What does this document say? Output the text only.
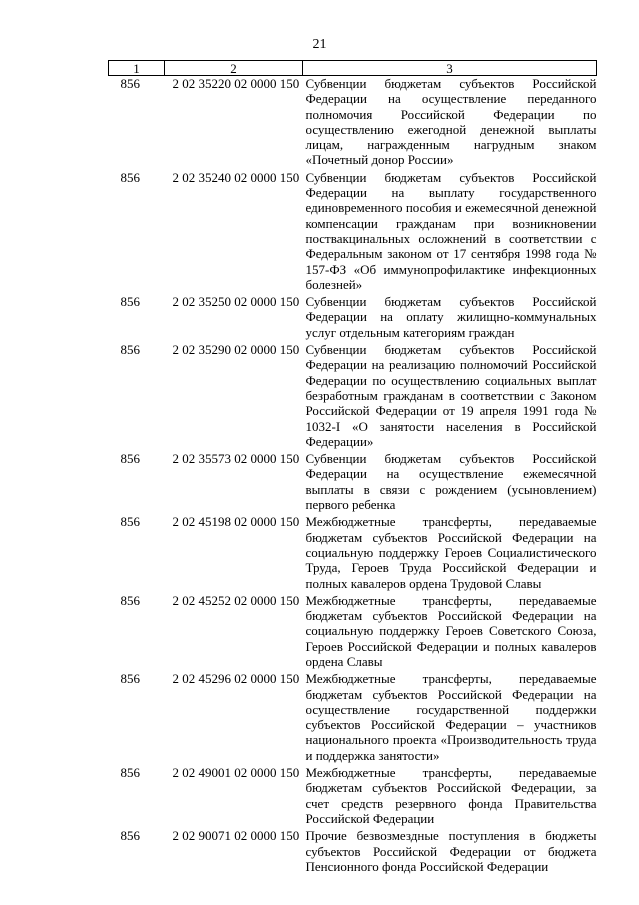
21
1	2	3
856	2 02 35220 02 0000 150	Субвенции бюджетам субъектов Российской Федерации на осуществление переданного полномочия Российской Федерации по осуществлению ежегодной денежной выплаты лицам, награжденным нагрудным знаком «Почетный донор России»
856	2 02 35240 02 0000 150	Субвенции бюджетам субъектов Российской Федерации на выплату государственного единовременного пособия и ежемесячной денежной компенсации гражданам при возникновении поствакцинальных осложнений в соответствии с Федеральным законом от 17 сентября 1998 года № 157-ФЗ «Об иммунопрофилактике инфекционных болезней»
856	2 02 35250 02 0000 150	Субвенции бюджетам субъектов Российской Федерации на оплату жилищно-коммунальных услуг отдельным категориям граждан
856	2 02 35290 02 0000 150	Субвенции бюджетам субъектов Российской Федерации на реализацию полномочий Российской Федерации по осуществлению социальных выплат безработным гражданам в соответствии с Законом Российской Федерации от 19 апреля 1991 года № 1032-I «О занятости населения в Российской Федерации»
856	2 02 35573 02 0000 150	Субвенции бюджетам субъектов Российской Федерации на осуществление ежемесячной выплаты в связи с рождением (усыновлением) первого ребенка
856	2 02 45198 02 0000 150	Межбюджетные трансферты, передаваемые бюджетам субъектов Российской Федерации на социальную поддержку Героев Социалистического Труда, Героев Труда Российской Федерации и полных кавалеров ордена Трудовой Славы
856	2 02 45252 02 0000 150	Межбюджетные трансферты, передаваемые бюджетам субъектов Российской Федерации на социальную поддержку Героев Советского Союза, Героев Российской Федерации и полных кавалеров ордена Славы
856	2 02 45296 02 0000 150	Межбюджетные трансферты, передаваемые бюджетам субъектов Российской Федерации на осуществление государственной поддержки субъектов Российской Федерации – участников национального проекта «Производительность труда и поддержка занятости»
856	2 02 49001 02 0000 150	Межбюджетные трансферты, передаваемые бюджетам субъектов Российской Федерации, за счет средств резервного фонда Правительства Российской Федерации
856	2 02 90071 02 0000 150	Прочие безвозмездные поступления в бюджеты субъектов Российской Федерации от бюджета Пенсионного фонда Российской Федерации
